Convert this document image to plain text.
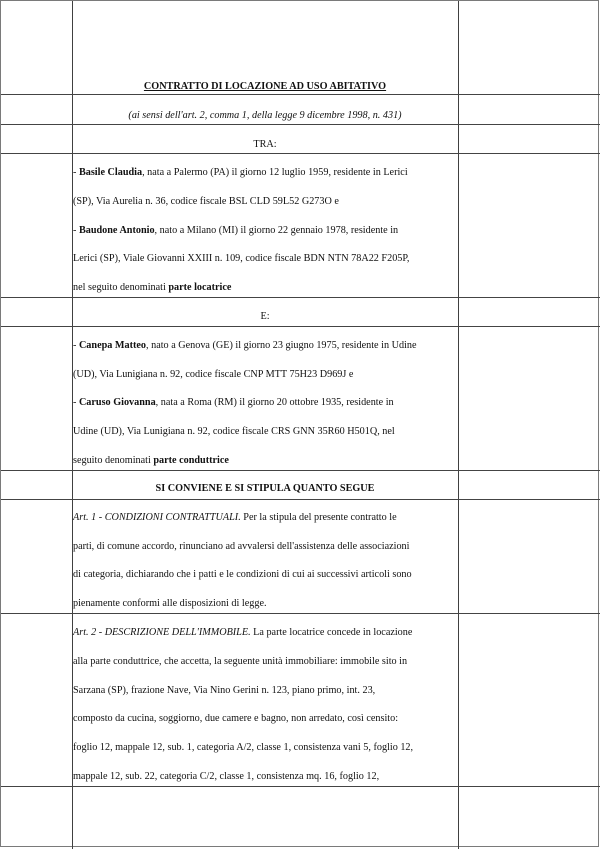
CONTRATTO DI LOCAZIONE AD USO ABITATIVO
(ai sensi dell'art. 2, comma 1, della legge 9 dicembre 1998, n. 431)
TRA:
- Basile Claudia, nata a Palermo (PA) il giorno 12 luglio 1959, residente in Lerici
(SP), Via Aurelia n. 36, codice fiscale BSL CLD 59L52 G273O e
- Baudone Antonio, nato a Milano (MI) il giorno 22 gennaio 1978, residente in
Lerici (SP), Viale Giovanni XXIII n. 109, codice fiscale BDN NTN 78A22 F205P,
nel seguito denominati parte locatrice
E:
- Canepa Matteo, nato a Genova (GE) il giorno 23 giugno 1975, residente in Udine
(UD), Via Lunigiana n. 92, codice fiscale CNP MTT 75H23 D969J e
- Caruso Giovanna, nata a Roma (RM) il giorno 20 ottobre 1935, residente in
Udine (UD), Via Lunigiana n. 92, codice fiscale CRS GNN 35R60 H501Q, nel
seguito denominati parte conduttrice
SI CONVIENE E SI STIPULA QUANTO SEGUE
Art. 1 - CONDIZIONI CONTRATTUALI. Per la stipula del presente contratto le
parti, di comune accordo, rinunciano ad avvalersi dell'assistenza delle associazioni
di categoria, dichiarando che i patti e le condizioni di cui ai successivi articoli sono
pienamente conformi alle disposizioni di legge.
Art. 2 - DESCRIZIONE DELL'IMMOBILE. La parte locatrice concede in locazione
alla parte conduttrice, che accetta, la seguente unità immobiliare: immobile sito in
Sarzana (SP), frazione Nave, Via Nino Gerini n. 123, piano primo, int. 23,
composto da cucina, soggiorno, due camere e bagno, non arredato, così censito:
foglio 12, mappale 12, sub. 1, categoria A/2, classe 1, consistenza vani 5, foglio 12,
mappale 12, sub. 22, categoria C/2, classe 1, consistenza mq. 16, foglio 12,
